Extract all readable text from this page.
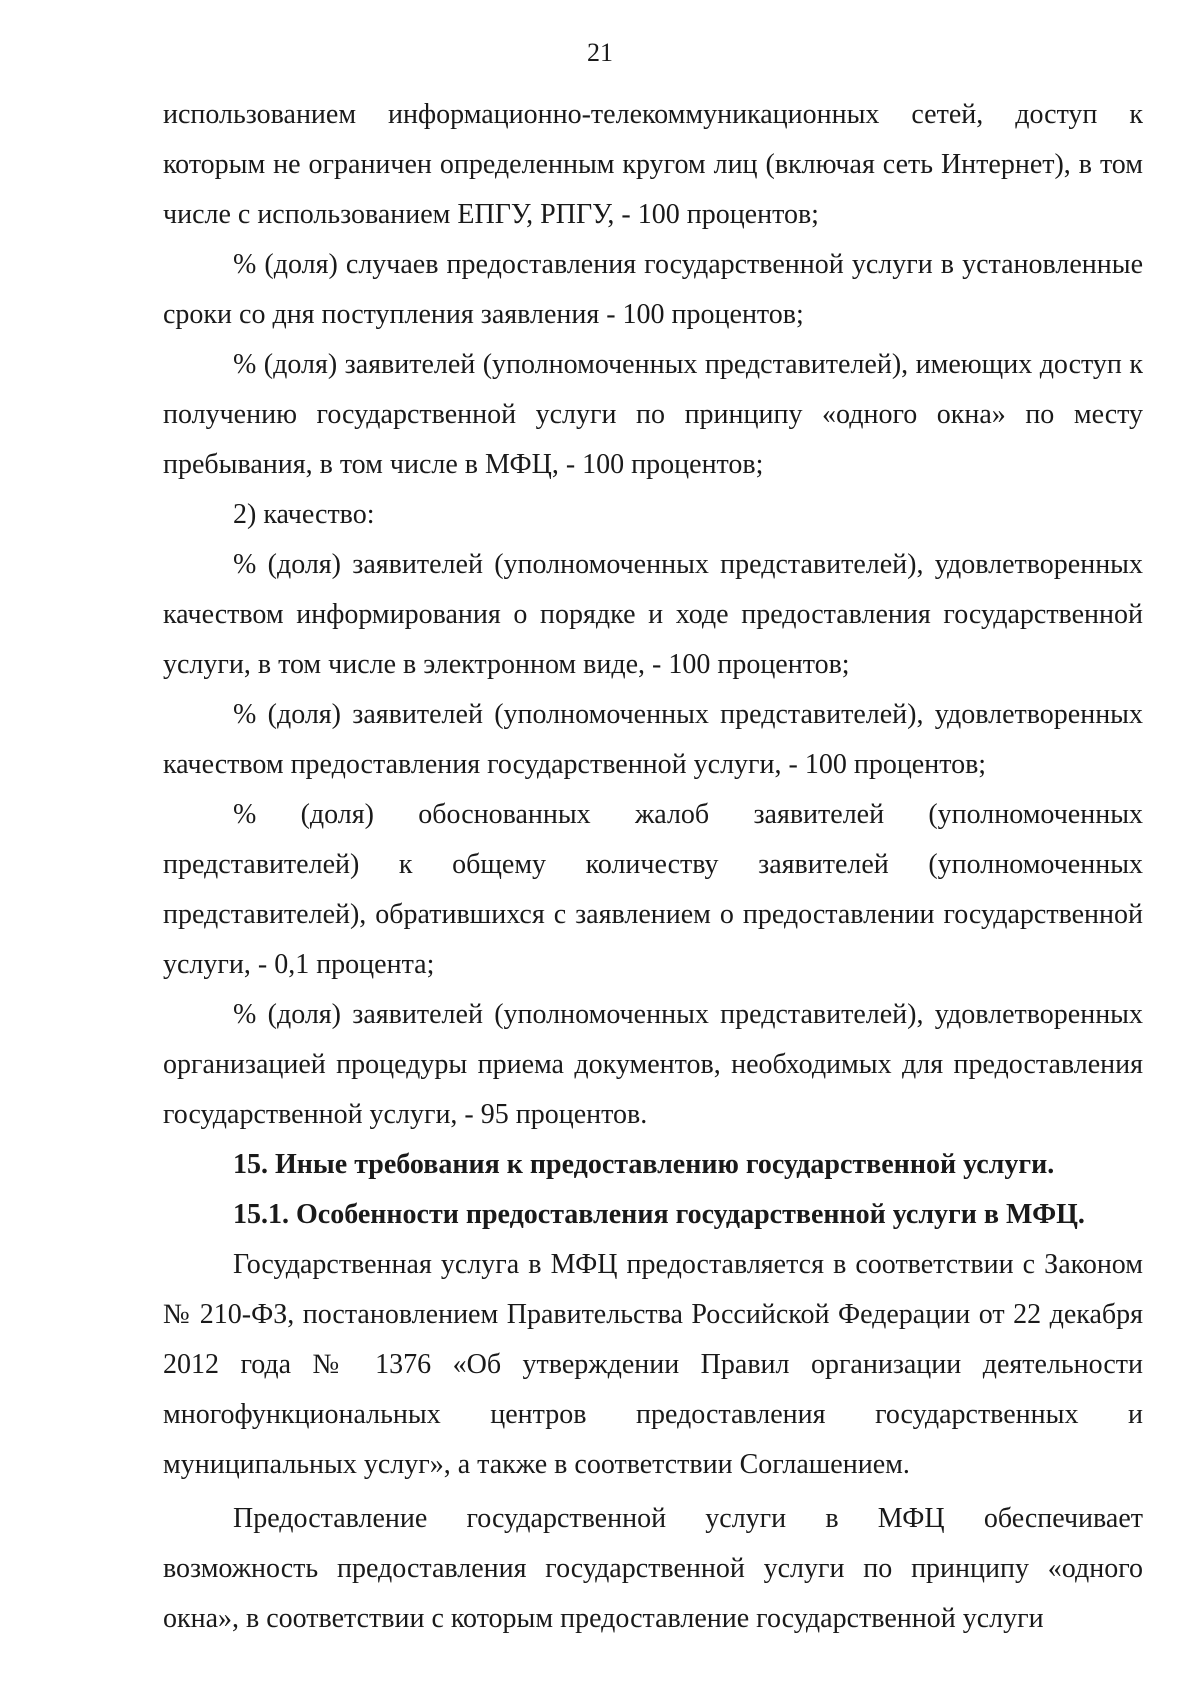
21

использованием информационно-телекоммуникационных сетей, доступ к которым не ограничен определенным кругом лиц (включая сеть Интернет), в том числе с использованием ЕПГУ, РПГУ, - 100 процентов;

% (доля) случаев предоставления государственной услуги в установленные сроки со дня поступления заявления - 100 процентов;

% (доля) заявителей (уполномоченных представителей), имеющих доступ к получению государственной услуги по принципу «одного окна» по месту пребывания, в том числе в МФЦ, - 100 процентов;

2) качество:

% (доля) заявителей (уполномоченных представителей), удовлетворенных качеством информирования о порядке и ходе предоставления государственной услуги, в том числе в электронном виде, - 100 процентов;

% (доля) заявителей (уполномоченных представителей), удовлетворенных качеством предоставления государственной услуги, - 100 процентов;

% (доля) обоснованных жалоб заявителей (уполномоченных представителей) к общему количеству заявителей (уполномоченных представителей), обратившихся с заявлением о предоставлении государственной услуги, - 0,1 процента;

% (доля) заявителей (уполномоченных представителей), удовлетворенных организацией процедуры приема документов, необходимых для предоставления государственной услуги, - 95 процентов.

15. Иные требования к предоставлению государственной услуги.

15.1. Особенности предоставления государственной услуги в МФЦ.

Государственная услуга в МФЦ предоставляется в соответствии с Законом № 210-ФЗ, постановлением Правительства Российской Федерации от 22 декабря 2012 года № 1376 «Об утверждении Правил организации деятельности многофункциональных центров предоставления государственных и муниципальных услуг», а также в соответствии Соглашением.

Предоставление государственной услуги в МФЦ обеспечивает возможность предоставления государственной услуги по принципу «одного окна», в соответствии с которым предоставление государственной услуги
